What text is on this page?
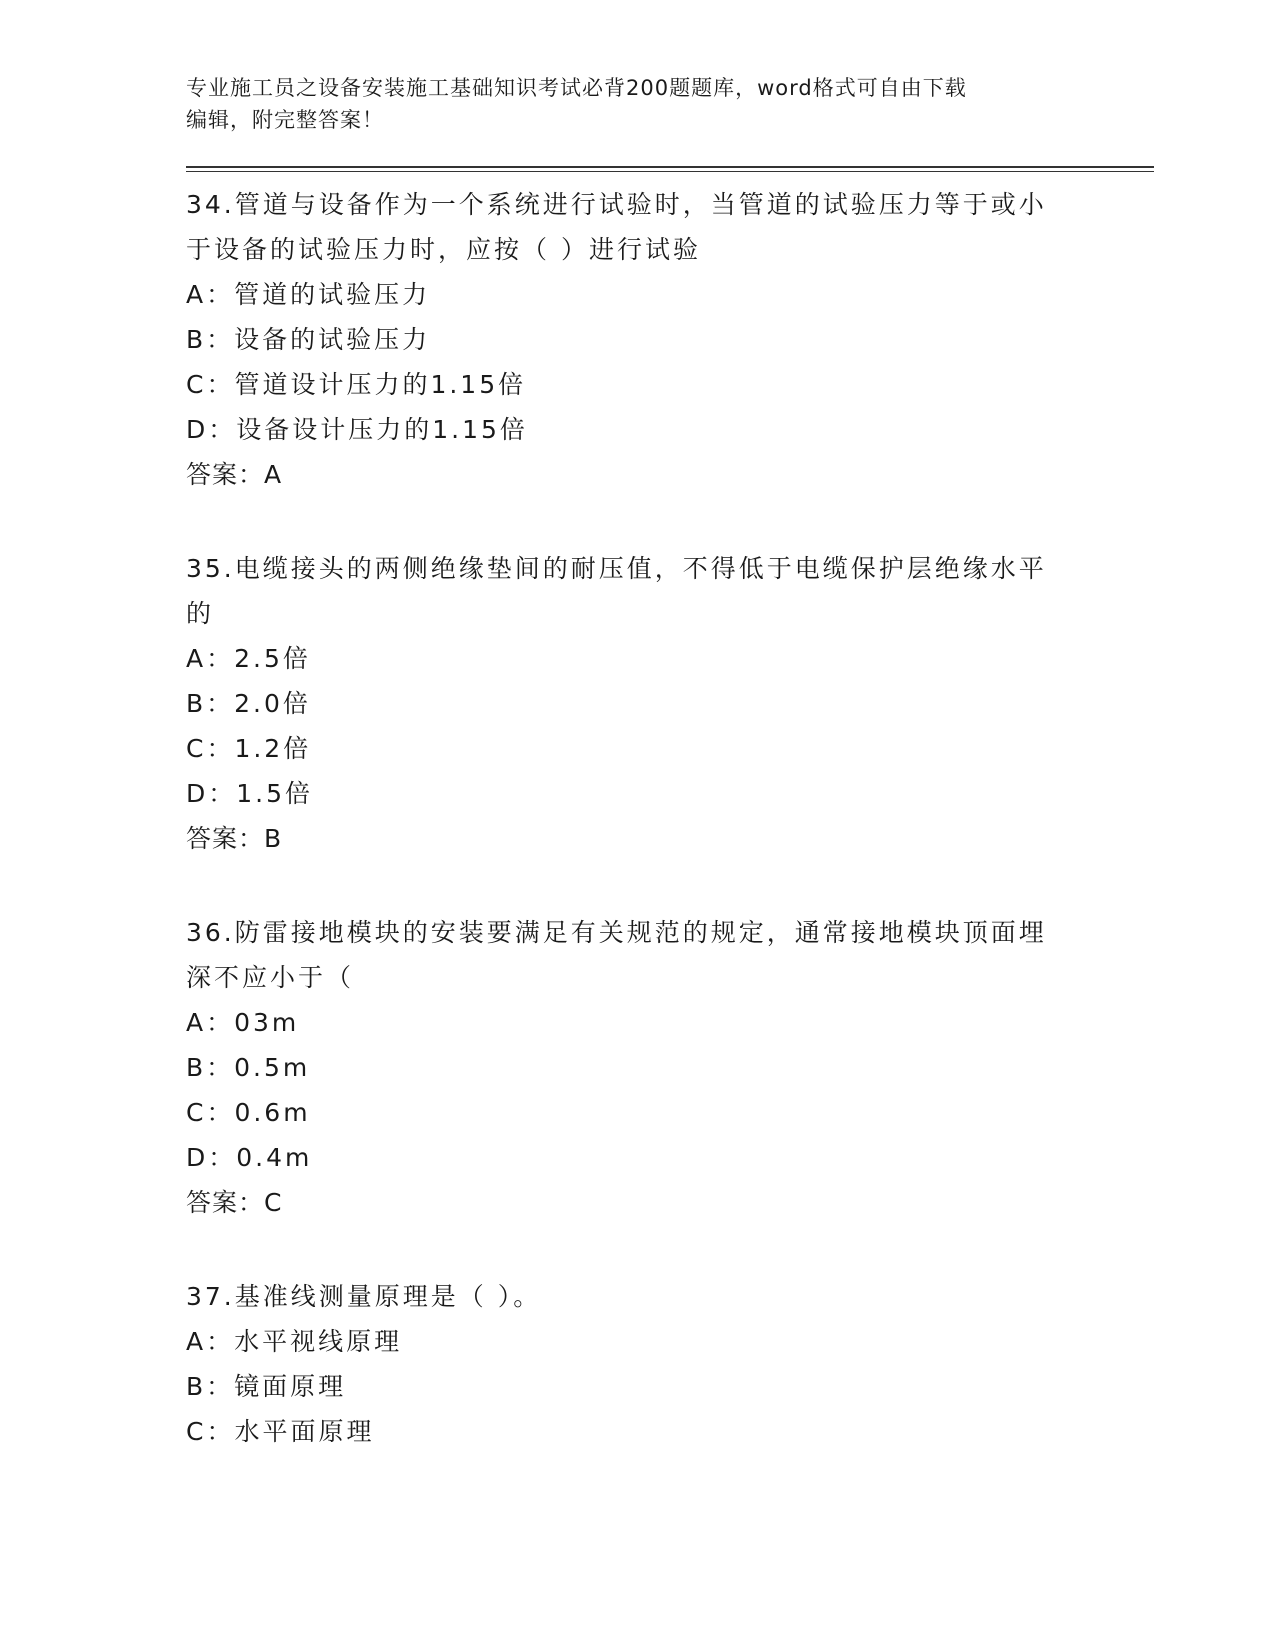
专业施工员之设备安装施工基础知识考试必背200题题库，word格式可自由下载
编辑，附完整答案！
34.管道与设备作为一个系统进行试验时，当管道的试验压力等于或小
于设备的试验压力时，应按（ ）进行试验
A：管道的试验压力
B：设备的试验压力
C：管道设计压力的1.15倍
D：设备设计压力的1.15倍
答案：A
35.电缆接头的两侧绝缘垫间的耐压值，不得低于电缆保护层绝缘水平
的
A：2.5倍
B：2.0倍
C：1.2倍
D：1.5倍
答案：B
36.防雷接地模块的安装要满足有关规范的规定，通常接地模块顶面埋
深不应小于（
A：03m
B：0.5m
C：0.6m
D：0.4m
答案：C
37.基准线测量原理是（ ）。
A：水平视线原理
B：镜面原理
C：水平面原理
